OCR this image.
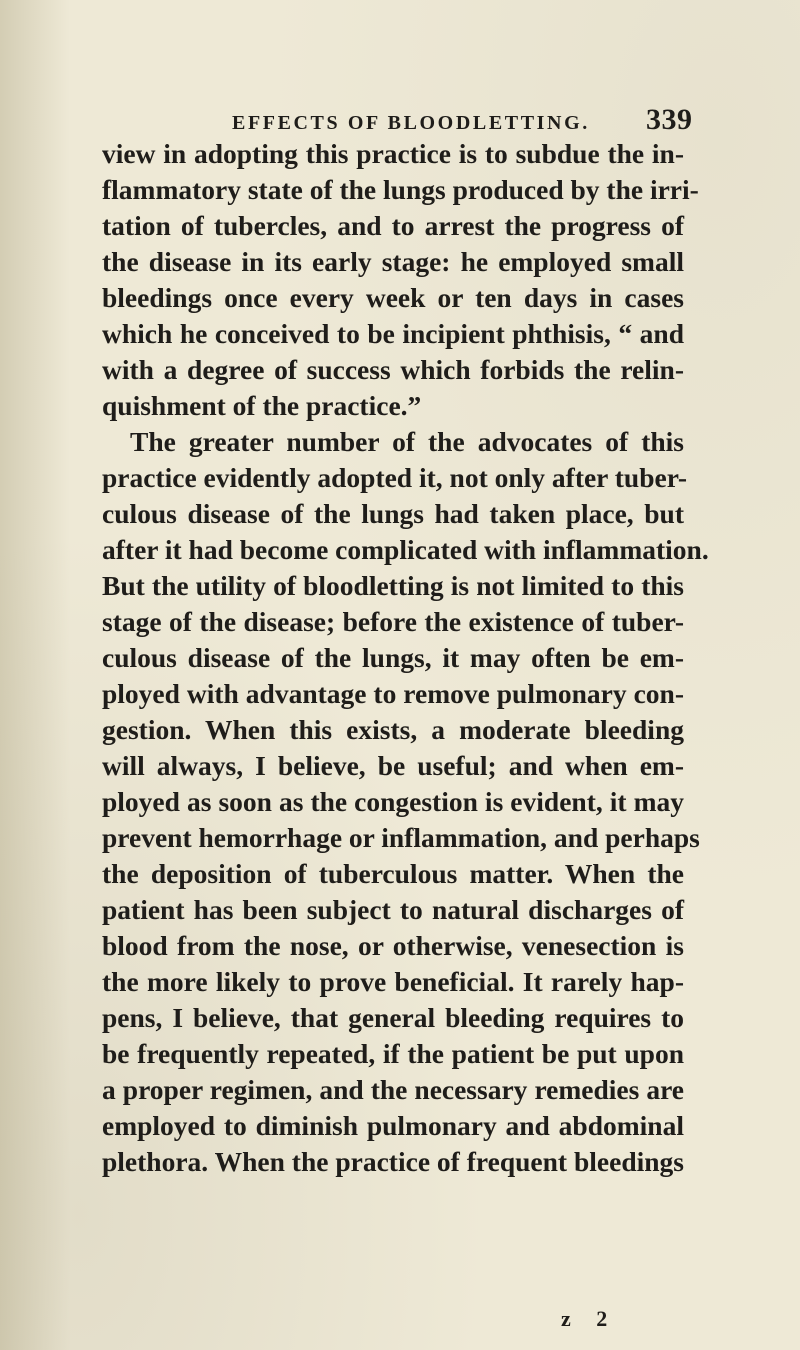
EFFECTS OF BLOODLETTING.	339
view in adopting this practice is to subdue the in-
flammatory state of the lungs produced by the irri-
tation of tubercles, and to arrest the progress of
the disease in its early stage: he employed small
bleedings once every week or ten days in cases
which he conceived to be incipient phthisis, “ and
with a degree of success which forbids the relin-
quishment of the practice.”
The greater number of the advocates of this
practice evidently adopted it, not only after tuber-
culous disease of the lungs had taken place, but
after it had become complicated with inflammation.
But the utility of bloodletting is not limited to this
stage of the disease; before the existence of tuber-
culous disease of the lungs, it may often be em-
ployed with advantage to remove pulmonary con-
gestion. When this exists, a moderate bleeding
will always, I believe, be useful; and when em-
ployed as soon as the congestion is evident, it may
prevent hemorrhage or inflammation, and perhaps
the deposition of tuberculous matter. When the
patient has been subject to natural discharges of
blood from the nose, or otherwise, venesection is
the more likely to prove beneficial. It rarely hap-
pens, I believe, that general bleeding requires to
be frequently repeated, if the patient be put upon
a proper regimen, and the necessary remedies are
employed to diminish pulmonary and abdominal
plethora. When the practice of frequent bleedings
z 2
